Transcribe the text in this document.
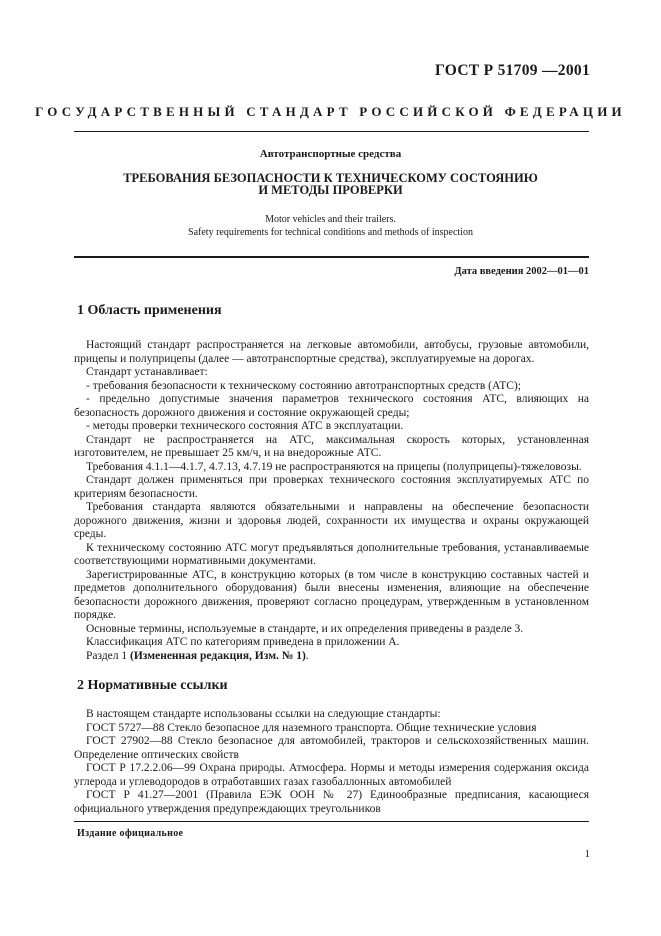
ГОСТ Р 51709 —2001
ГОСУДАРСТВЕННЫЙ СТАНДАРТ РОССИЙСКОЙ ФЕДЕРАЦИИ
Автотранспортные средства
ТРЕБОВАНИЯ БЕЗОПАСНОСТИ К ТЕХНИЧЕСКОМУ СОСТОЯНИЮ
И МЕТОДЫ ПРОВЕРКИ
Motor vehicles and their trailers.
Safety requirements for technical conditions and methods of inspection
Дата введения 2002—01—01
1 Область применения

Настоящий стандарт распространяется на легковые автомобили, автобусы, грузовые автомобили, прицепы и полуприцепы (далее — автотранспортные средства), эксплуатируемые на дорогах.

Стандарт устанавливает:

- требования безопасности к техническому состоянию автотранспортных средств (АТС);

- предельно допустимые значения параметров технического состояния АТС, влияющих на безопасность дорожного движения и состояние окружающей среды;

- методы проверки технического состояния АТС в эксплуатации.

Стандарт не распространяется на АТС, максимальная скорость которых, установленная изготовителем, не превышает 25 км/ч, и на внедорожные АТС.

Требования 4.1.1—4.1.7, 4.7.13, 4.7.19 не распространяются на прицепы (полуприцепы)-тяжеловозы.

Стандарт должен применяться при проверках технического состояния эксплуатируемых АТС по критериям безопасности.

Требования стандарта являются обязательными и направлены на обеспечение безопасности дорожного движения, жизни и здоровья людей, сохранности их имущества и охраны окружающей среды.

К техническому состоянию АТС могут предъявляться дополнительные требования, устанавливаемые соответствующими нормативными документами.

Зарегистрированные АТС, в конструкцию которых (в том числе в конструкцию составных частей и предметов дополнительного оборудования) были внесены изменения, влияющие на обеспечение безопасности дорожного движения, проверяют согласно процедурам, утвержденным в установленном порядке.

Основные термины, используемые в стандарте, и их определения приведены в разделе 3.

Классификация АТС по категориям приведена в приложении А.

Раздел 1 (Измененная редакция, Изм. № 1).

2 Нормативные ссылки

В настоящем стандарте использованы ссылки на следующие стандарты:

ГОСТ 5727—88 Стекло безопасное для наземного транспорта. Общие технические условия

ГОСТ 27902—88 Стекло безопасное для автомобилей, тракторов и сельскохозяйственных машин. Определение оптических свойств

ГОСТ Р 17.2.2.06—99 Охрана природы. Атмосфера. Нормы и методы измерения содержания оксида углерода и углеводородов в отработавших газах газобаллонных автомобилей

ГОСТ Р 41.27—2001 (Правила ЕЭК ООН № 27) Единообразные предписания, касающиеся официального утверждения предупреждающих треугольников

Издание официальное
1
